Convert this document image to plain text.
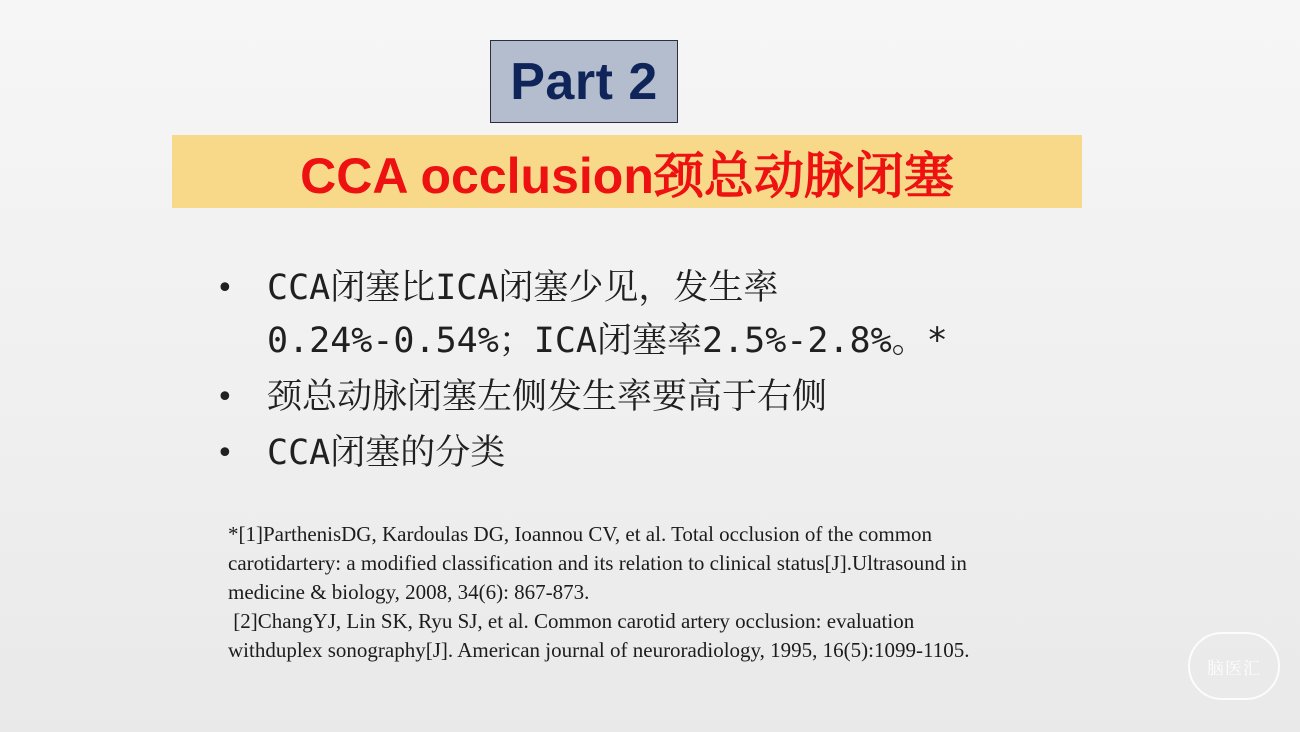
Part 2
CCA occlusion颈总动脉闭塞
• CCA闭塞比ICA闭塞少见，发生率0.24%-0.54%；ICA闭塞率2.5%-2.8%。*
• 颈总动脉闭塞左侧发生率要高于右侧
• CCA闭塞的分类
*[1]ParthenisDG, Kardoulas DG, Ioannou CV, et al. Total occlusion of the common
carotidartery: a modified classification and its relation to clinical status[J].Ultrasound in
medicine & biology, 2008, 34(6): 867-873.
[2]ChangYJ, Lin SK, Ryu SJ, et al. Common carotid artery occlusion: evaluation
withduplex sonography[J]. American journal of neuroradiology, 1995, 16(5):1099-1105.
脑医汇
